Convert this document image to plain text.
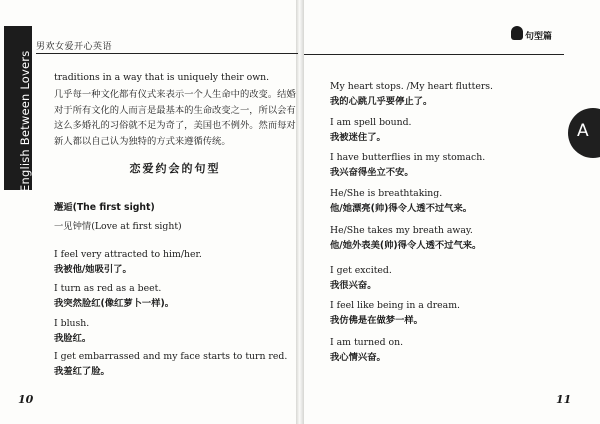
English Between Lovers
男欢女爱开心英语

traditions in a way that is uniquely their own.

几乎每一种文化都有仪式来表示一个人生命中的改变。结婚对于所有文化的人而言是最基本的生命改变之一，所以会有这么多婚礼的习俗就不足为奇了，美国也不例外。然而每对新人都以自己认为独特的方式来遵循传统。

恋爱约会的句型
邂逅(The first sight)

一见钟情(Love at first sight)

I feel very attracted to him/her.

我被他/她吸引了。

I turn as red as a beet.

我突然脸红(像红萝卜一样)。

I blush.

我脸红。

I get embarrassed and my face starts to turn red.

我羞红了脸。

10
句型篇
A

My heart stops. /My heart flutters.

我的心跳几乎要停止了。

I am spell bound.

我被迷住了。

I have butterflies in my stomach.

我兴奋得坐立不安。

He/She is breathtaking.

他/她漂亮(帅)得令人透不过气来。

He/She takes my breath away.

他/她外表美(帅)得令人透不过气来。

I get excited.

我很兴奋。

I feel like being in a dream.

我仿佛是在做梦一样。

I am turned on.

我心情兴奋。

11
